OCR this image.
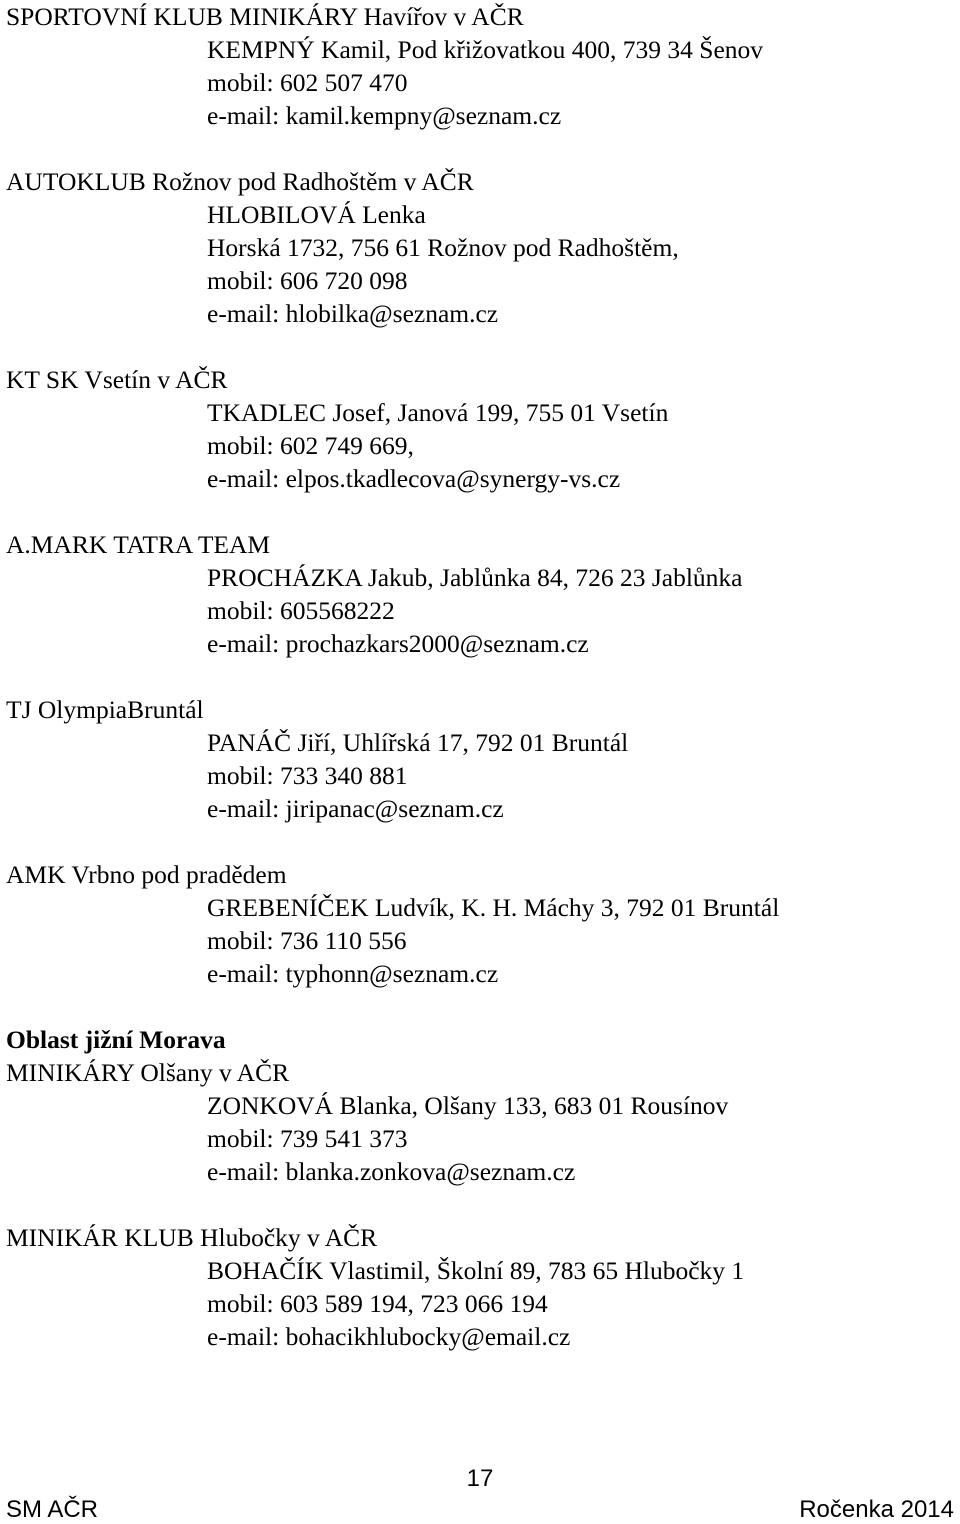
SPORTOVNÍ KLUB MINIKÁRY Havířov v AČR
KEMPNÝ Kamil, Pod křižovatkou 400, 739 34 Šenov
mobil: 602 507 470
e-mail: kamil.kempny@seznam.cz
AUTOKLUB Rožnov pod Radhoštěm v AČR
HLOBILOVÁ Lenka
Horská 1732, 756 61 Rožnov pod Radhoštěm,
mobil: 606 720 098
e-mail: hlobilka@seznam.cz
KT SK Vsetín v AČR
TKADLEC Josef, Janová 199, 755 01 Vsetín
mobil: 602 749 669,
e-mail: elpos.tkadlecova@synergy-vs.cz
A.MARK TATRA TEAM
PROCHÁZKA Jakub, Jablůnka 84, 726 23 Jablůnka
mobil: 605568222
e-mail: prochazkars2000@seznam.cz
TJ OlympiaBruntál
PANÁČ Jiří, Uhlířská 17, 792 01 Bruntál
mobil: 733 340 881
e-mail: jiripanac@seznam.cz
AMK Vrbno pod pradědem
GREBENÍČEK Ludvík, K. H. Máchy 3, 792 01 Bruntál
mobil: 736 110 556
e-mail: typhonn@seznam.cz
Oblast jižní Morava
MINIKÁRY Olšany v AČR
ZONKOVÁ Blanka, Olšany 133, 683 01 Rousínov
mobil: 739 541 373
e-mail: blanka.zonkova@seznam.cz
MINIKÁR KLUB Hlubočky v AČR
BOHAČÍK Vlastimil, Školní 89, 783 65 Hlubočky 1
mobil: 603 589 194, 723 066 194
e-mail: bohacikhlubocky@email.cz
17
SM AČR	Ročenka 2014
